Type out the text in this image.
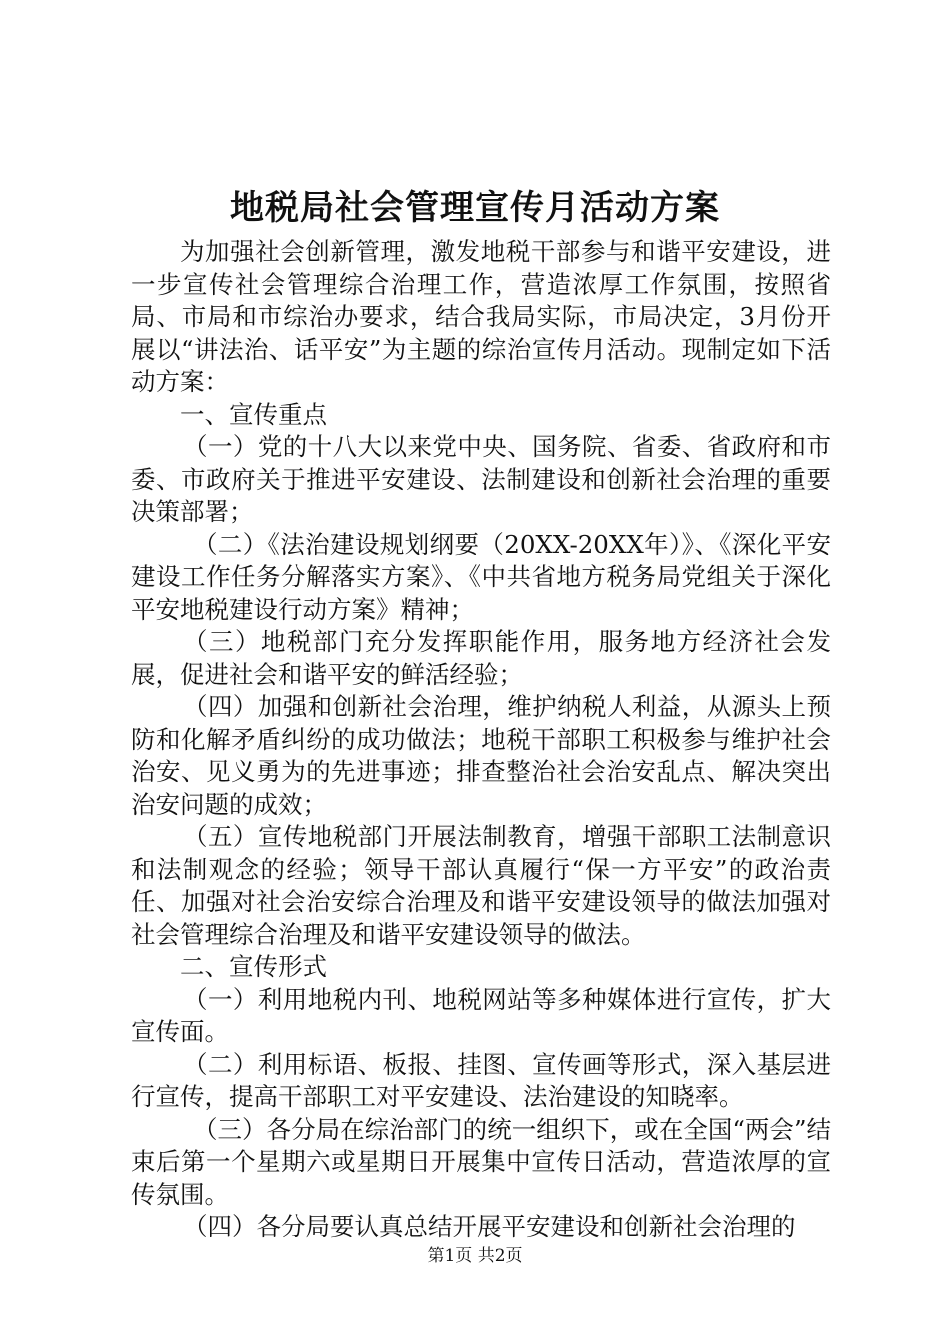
地税局社会管理宣传月活动方案

为加强社会创新管理，激发地税干部参与和谐平安建设，进一步宣传社会管理综合治理工作，营造浓厚工作氛围，按照省局、市局和市综治办要求，结合我局实际，市局决定，3月份开展以“讲法治、话平安”为主题的综治宣传月活动。现制定如下活动方案：

一、宣传重点

（一）党的十八大以来党中央、国务院、省委、省政府和市委、市政府关于推进平安建设、法制建设和创新社会治理的重要决策部署；

（二）《法治建设规划纲要（20XX-20XX年）》、《深化平安建设工作任务分解落实方案》、《中共省地方税务局党组关于深化平安地税建设行动方案》精神；

（三）地税部门充分发挥职能作用，服务地方经济社会发展，促进社会和谐平安的鲜活经验；

（四）加强和创新社会治理，维护纳税人利益，从源头上预防和化解矛盾纠纷的成功做法；地税干部职工积极参与维护社会治安、见义勇为的先进事迹；排查整治社会治安乱点、解决突出治安问题的成效；

（五）宣传地税部门开展法制教育，增强干部职工法制意识和法制观念的经验；领导干部认真履行“保一方平安”的政治责任、加强对社会治安综合治理及和谐平安建设领导的做法加强对社会管理综合治理及和谐平安建设领导的做法。

二、宣传形式

（一）利用地税内刊、地税网站等多种媒体进行宣传，扩大宣传面。

（二）利用标语、板报、挂图、宣传画等形式，深入基层进行宣传，提高干部职工对平安建设、法治建设的知晓率。

（三）各分局在综治部门的统一组织下，或在全国“两会”结束后第一个星期六或星期日开展集中宣传日活动，营造浓厚的宣传氛围。

（四）各分局要认真总结开展平安建设和创新社会治理的

第1页 共2页
